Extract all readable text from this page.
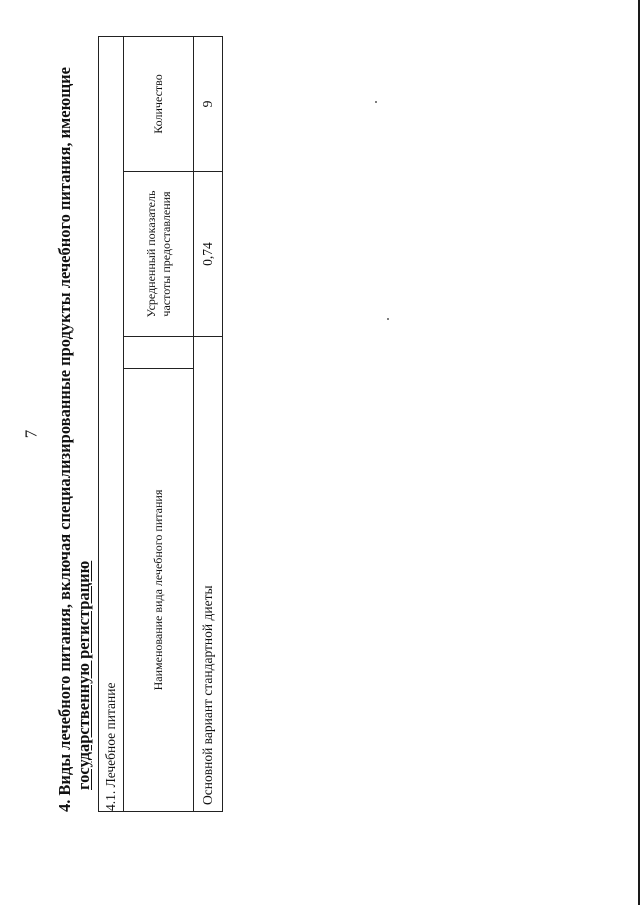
7
4.
Виды
лечебного
питания,
включая
специализированные
продукты
лечебного
питания,
имеющие
государственную регистрацию 4.1. Лечебное питание			
Наименование вида лечебного питания		Усредненный показатель частоты предоставления	Количество
Основной вариант стандартной диеты		0,74	9
